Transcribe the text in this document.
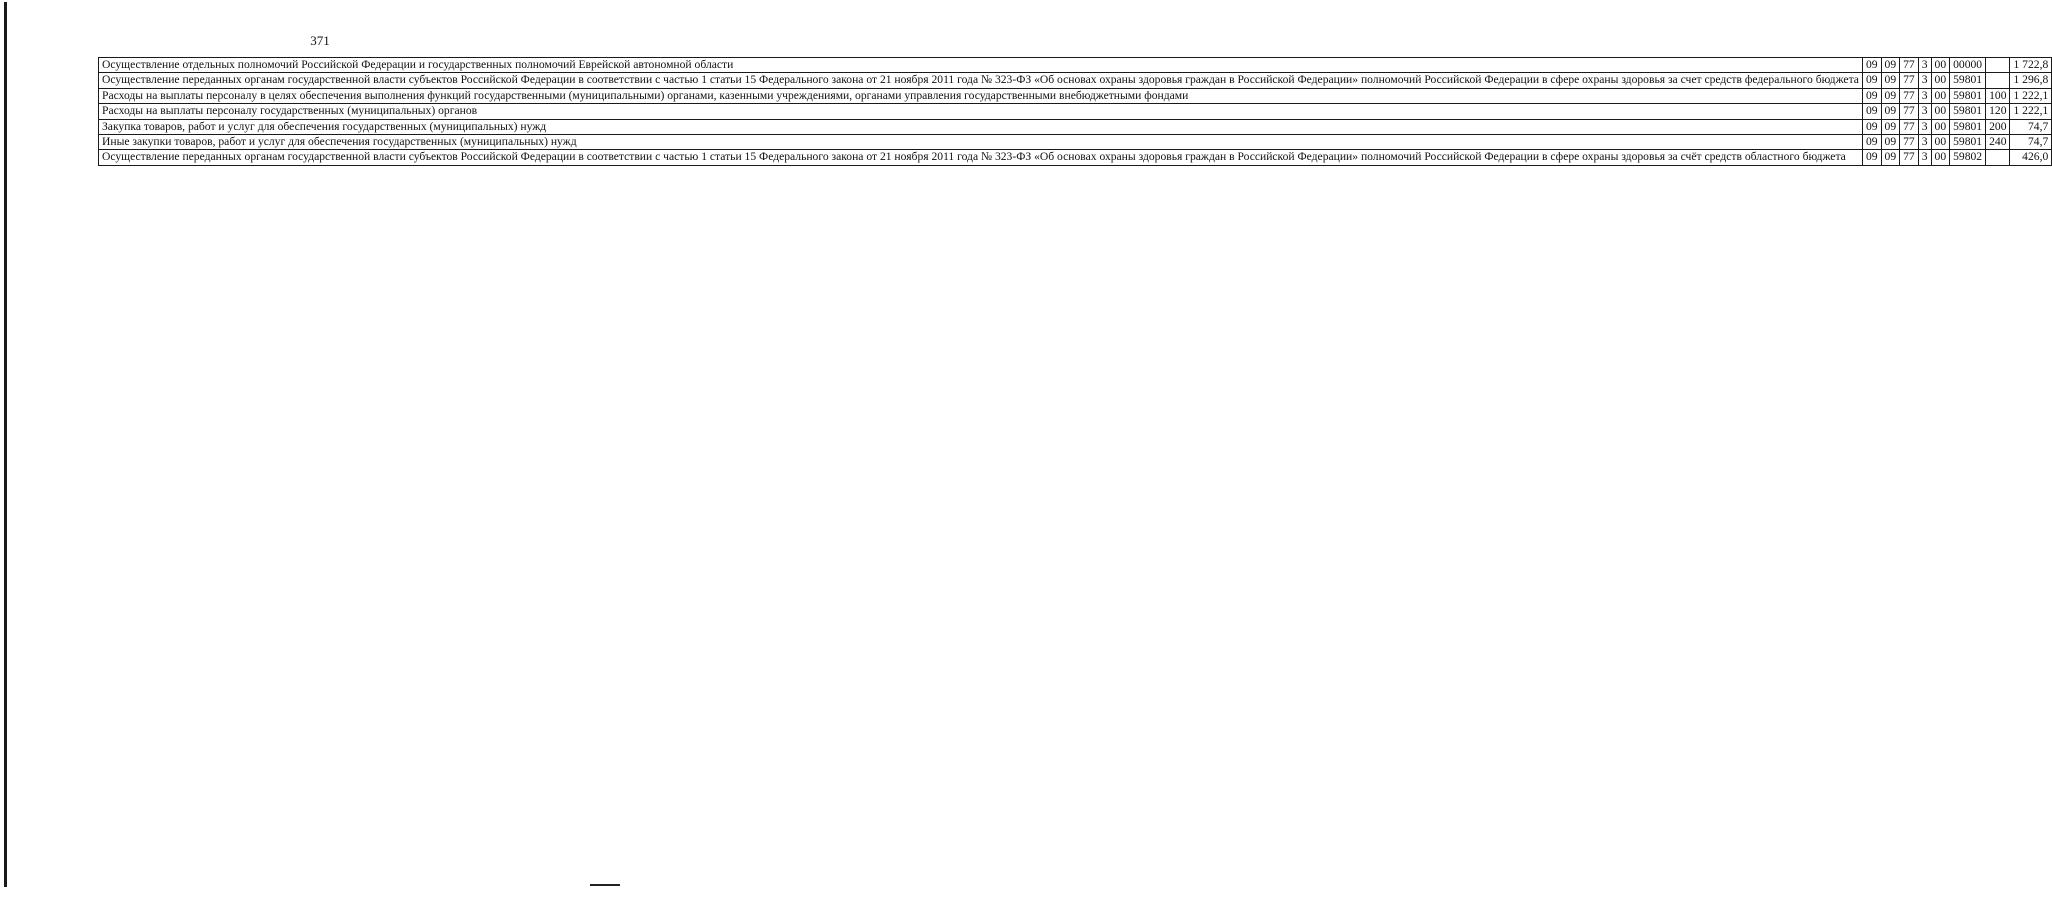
371
Осуществление отдельных полномочий Российской Федерации и государственных полномочий Еврейской автономной области	09	09	77	3	00	00000		1 722,8
Осуществление переданных органам государственной власти субъектов Российской Федерации в соответствии с частью 1 статьи 15 Федерального закона от 21 ноября 2011 года № 323-ФЗ «Об основах охраны здоровья граждан в Российской Федерации» полномочий Российской Федерации в сфере охраны здоровья за счет средств федерального бюджета	09	09	77	3	00	59801		1 296,8
Расходы на выплаты персоналу в целях обеспечения выполнения функций государственными (муниципальными) органами, казенными учреждениями, органами управления государственными внебюджетными фондами	09	09	77	3	00	59801	100	1 222,1
Расходы на выплаты персоналу государственных (муниципальных) органов	09	09	77	3	00	59801	120	1 222,1
Закупка товаров, работ и услуг для обеспечения государственных (муниципальных) нужд	09	09	77	3	00	59801	200	74,7
Иные закупки товаров, работ и услуг для обеспечения государственных (муниципальных) нужд	09	09	77	3	00	59801	240	74,7
Осуществление переданных органам государственной власти субъектов Российской Федерации в соответствии с частью 1 статьи 15 Федерального закона от 21 ноября 2011 года № 323-ФЗ «Об основах охраны здоровья граждан в Российской Федерации» полномочий Российской Федерации в сфере охраны здоровья за счёт средств областного бюджета	09	09	77	3	00	59802		426,0
